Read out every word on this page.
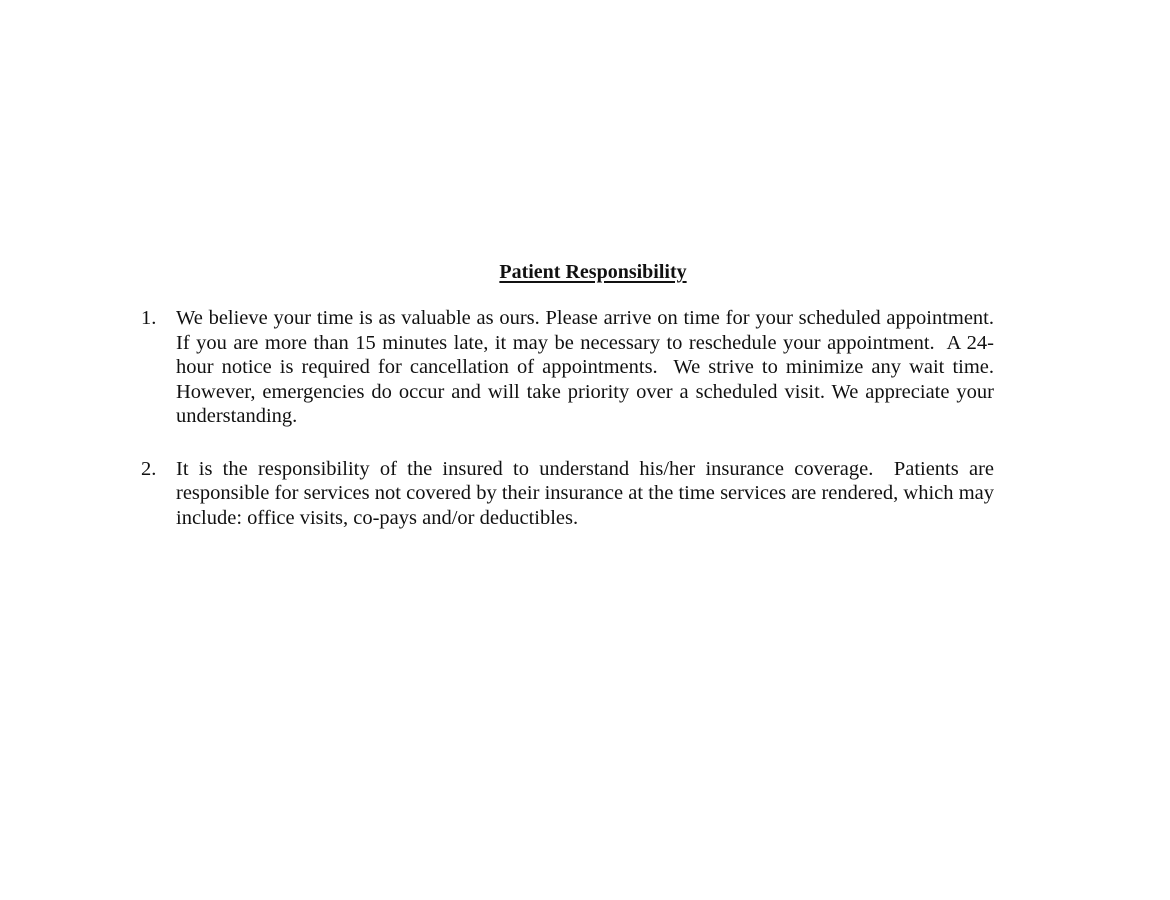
Patient Responsibility
1. We believe your time is as valuable as ours. Please arrive on time for your scheduled appointment. If you are more than 15 minutes late, it may be necessary to reschedule your appointment.  A 24-hour notice is required for cancellation of appointments.  We strive to minimize any wait time. However, emergencies do occur and will take priority over a scheduled visit. We appreciate your understanding.
2. It is the responsibility of the insured to understand his/her insurance coverage.  Patients are responsible for services not covered by their insurance at the time services are rendered, which may include: office visits, co-pays and/or deductibles.
